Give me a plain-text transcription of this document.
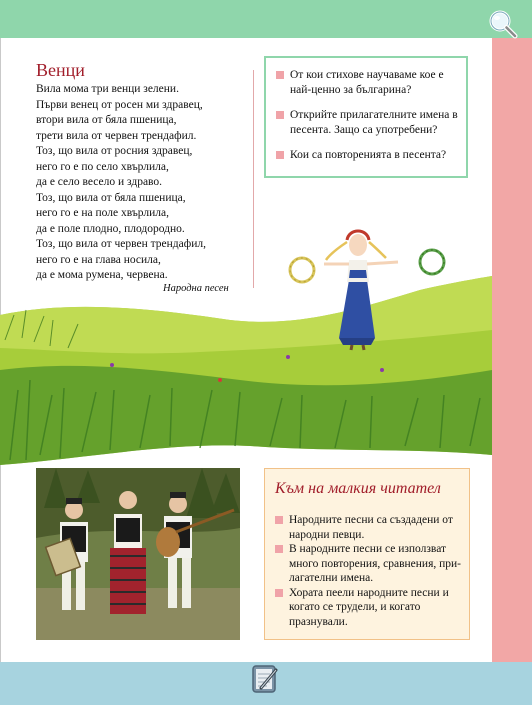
Венци
Вила мома три венци зелени.
Първи венец от росен ми здравец,
втори вила от бяла пшеница,
трети вила от червен трендафил.
Тоз, що вила от росния здравец,
него го е по село хвърлила,
да е село весело и здраво.
Тоз, що вила от бяла пшеница,
него го е на поле хвърлила,
да е поле плодно, плодородно.
Тоз, що вила от червен трендафил,
него го е на глава носила,
да е мома румена, червена.
Народна песен
От кои стихове научаваме кое е най-ценно за българина?
Открийте прилагателните имена в песента. Защо са употребени?
Кои са повторенията в песента?
Към на малкия читател
Народните песни са създадени от народни певци.
В народните песни се използват много повторения, сравнения, при-лагателни имена.
Хората пеели народните песни и когато се трудели, и когато празнували.
